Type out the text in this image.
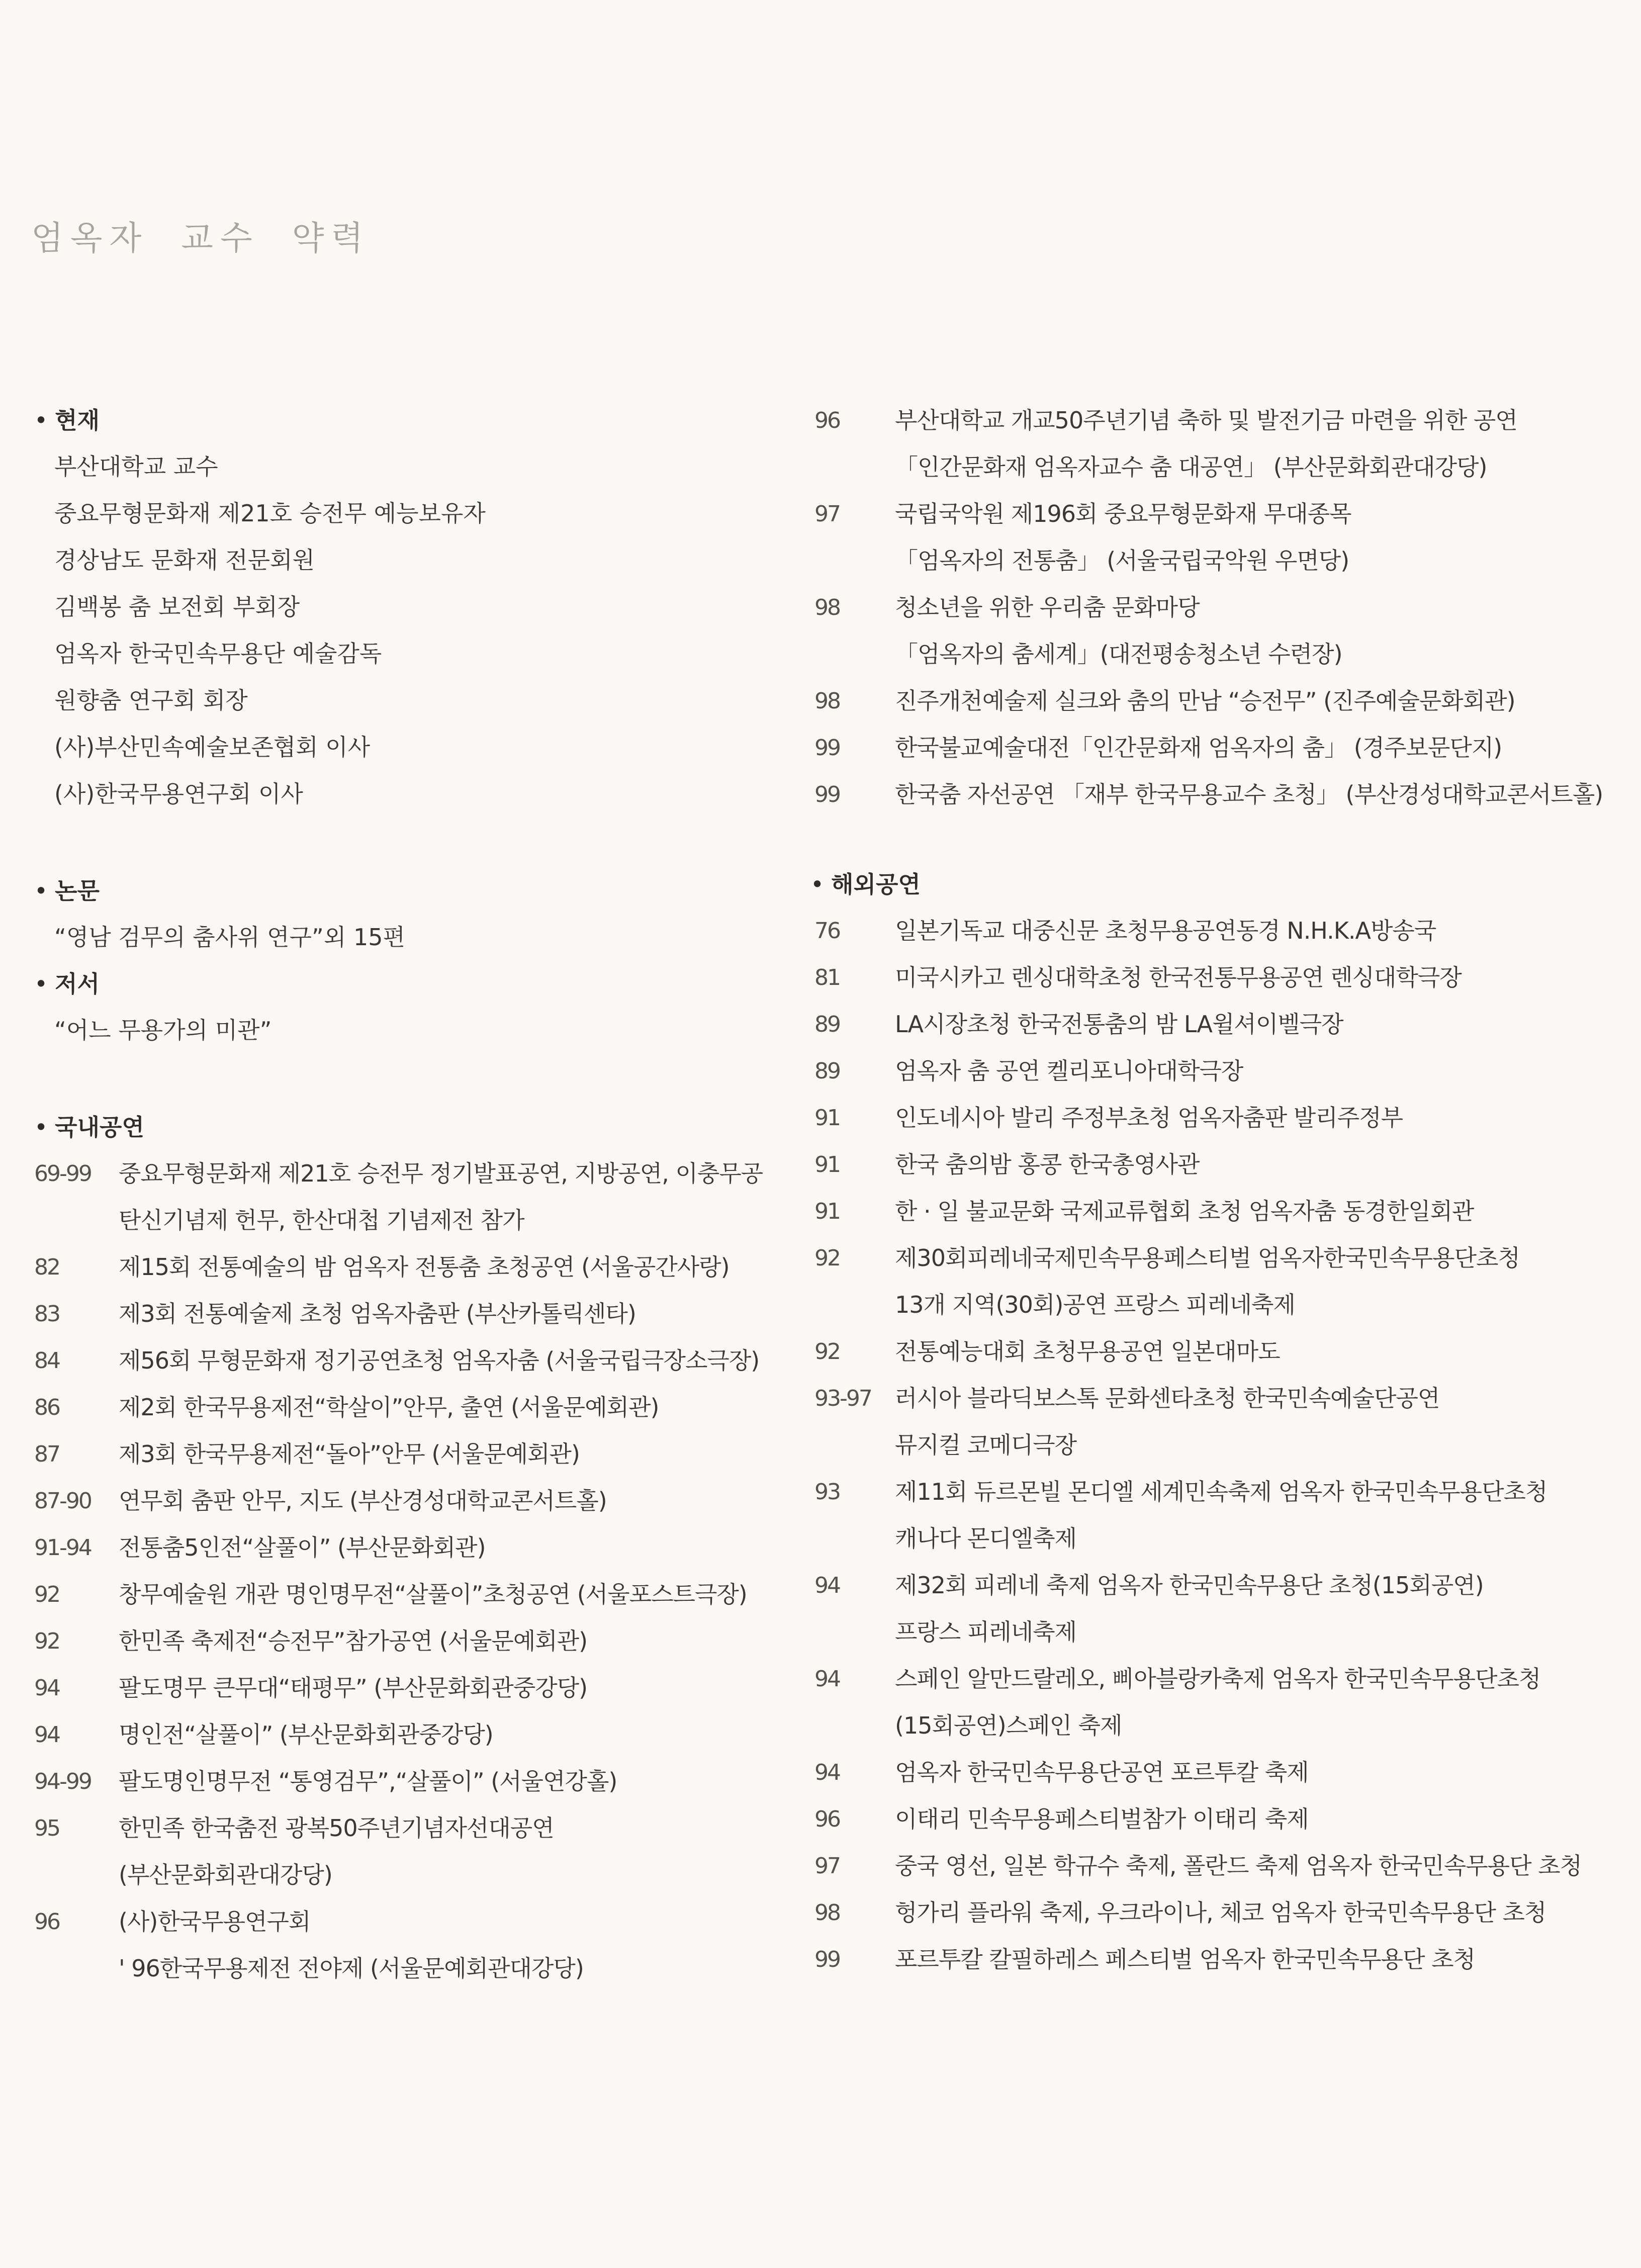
엄옥자 교수 약력
• 현재
부산대학교 교수
중요무형문화재 제21호 승전무 예능보유자
경상남도 문화재 전문회원
김백봉 춤 보전회 부회장
엄옥자 한국민속무용단 예술감독
원향춤 연구회 회장
(사)부산민속예술보존협회 이사
(사)한국무용연구회 이사
• 논문
“영남 검무의 춤사위 연구”외 15편
• 저서
“어느 무용가의 미관”
• 국내공연
69-99	중요무형문화재 제21호 승전무 정기발표공연, 지방공연, 이충무공
탄신기념제 헌무, 한산대첩 기념제전 참가
82	제15회 전통예술의 밤 엄옥자 전통춤 초청공연 (서울공간사랑)
83	제3회 전통예술제 초청 엄옥자춤판 (부산카톨릭센타)
84	제56회 무형문화재 정기공연초청 엄옥자춤 (서울국립극장소극장)
86	제2회 한국무용제전“학살이”안무, 출연 (서울문예회관)
87	제3회 한국무용제전“돌아”안무 (서울문예회관)
87-90	연무회 춤판 안무, 지도 (부산경성대학교콘서트홀)
91-94	전통춤5인전“살풀이” (부산문화회관)
92	창무예술원 개관 명인명무전“살풀이”초청공연 (서울포스트극장)
92	한민족 축제전“승전무”참가공연 (서울문예회관)
94	팔도명무 큰무대“태평무” (부산문화회관중강당)
94	명인전“살풀이” (부산문화회관중강당)
94-99	팔도명인명무전 “통영검무”,“살풀이” (서울연강홀)
95	한민족 한국춤전 광복50주년기념자선대공연
(부산문화회관대강당)
96	(사)한국무용연구회
' 96한국무용제전 전야제 (서울문예회관대강당)
96	부산대학교 개교50주년기념 축하 및 발전기금 마련을 위한 공연
「인간문화재 엄옥자교수 춤 대공연」 (부산문화회관대강당)
97	국립국악원 제196회 중요무형문화재 무대종목
「엄옥자의 전통춤」 (서울국립국악원 우면당)
98	청소년을 위한 우리춤 문화마당
「엄옥자의 춤세계」(대전평송청소년 수련장)
98	진주개천예술제 실크와 춤의 만남 “승전무” (진주예술문화회관)
99	한국불교예술대전「인간문화재 엄옥자의 춤」 (경주보문단지)
99	한국춤 자선공연 「재부 한국무용교수 초청」 (부산경성대학교콘서트홀)
• 해외공연
76	일본기독교 대중신문 초청무용공연동경 N.H.K.A방송국
81	미국시카고 렌싱대학초청 한국전통무용공연 렌싱대학극장
89	LA시장초청 한국전통춤의 밤 LA윌셔이벨극장
89	엄옥자 춤 공연 켈리포니아대학극장
91	인도네시아 발리 주정부초청 엄옥자춤판 발리주정부
91	한국 춤의밤 홍콩 한국총영사관
91	한 · 일 불교문화 국제교류협회 초청 엄옥자춤 동경한일회관
92	제30회피레네국제민속무용페스티벌 엄옥자한국민속무용단초청
13개 지역(30회)공연 프랑스 피레네축제
92	전통예능대회 초청무용공연 일본대마도
93-97	러시아 블라딕보스톡 문화센타초청 한국민속예술단공연
뮤지컬 코메디극장
93	제11회 듀르몬빌 몬디엘 세계민속축제 엄옥자 한국민속무용단초청
캐나다 몬디엘축제
94	제32회 피레네 축제 엄옥자 한국민속무용단 초청(15회공연)
프랑스 피레네축제
94	스페인 알만드랄레오, 삐아블랑카축제 엄옥자 한국민속무용단초청
(15회공연)스페인 축제
94	엄옥자 한국민속무용단공연 포르투칼 축제
96	이태리 민속무용페스티벌참가 이태리 축제
97	중국 영선, 일본 학규수 축제, 폴란드 축제 엄옥자 한국민속무용단 초청
98	헝가리 플라워 축제, 우크라이나, 체코 엄옥자 한국민속무용단 초청
99	포르투칼 칼필하레스 페스티벌 엄옥자 한국민속무용단 초청
